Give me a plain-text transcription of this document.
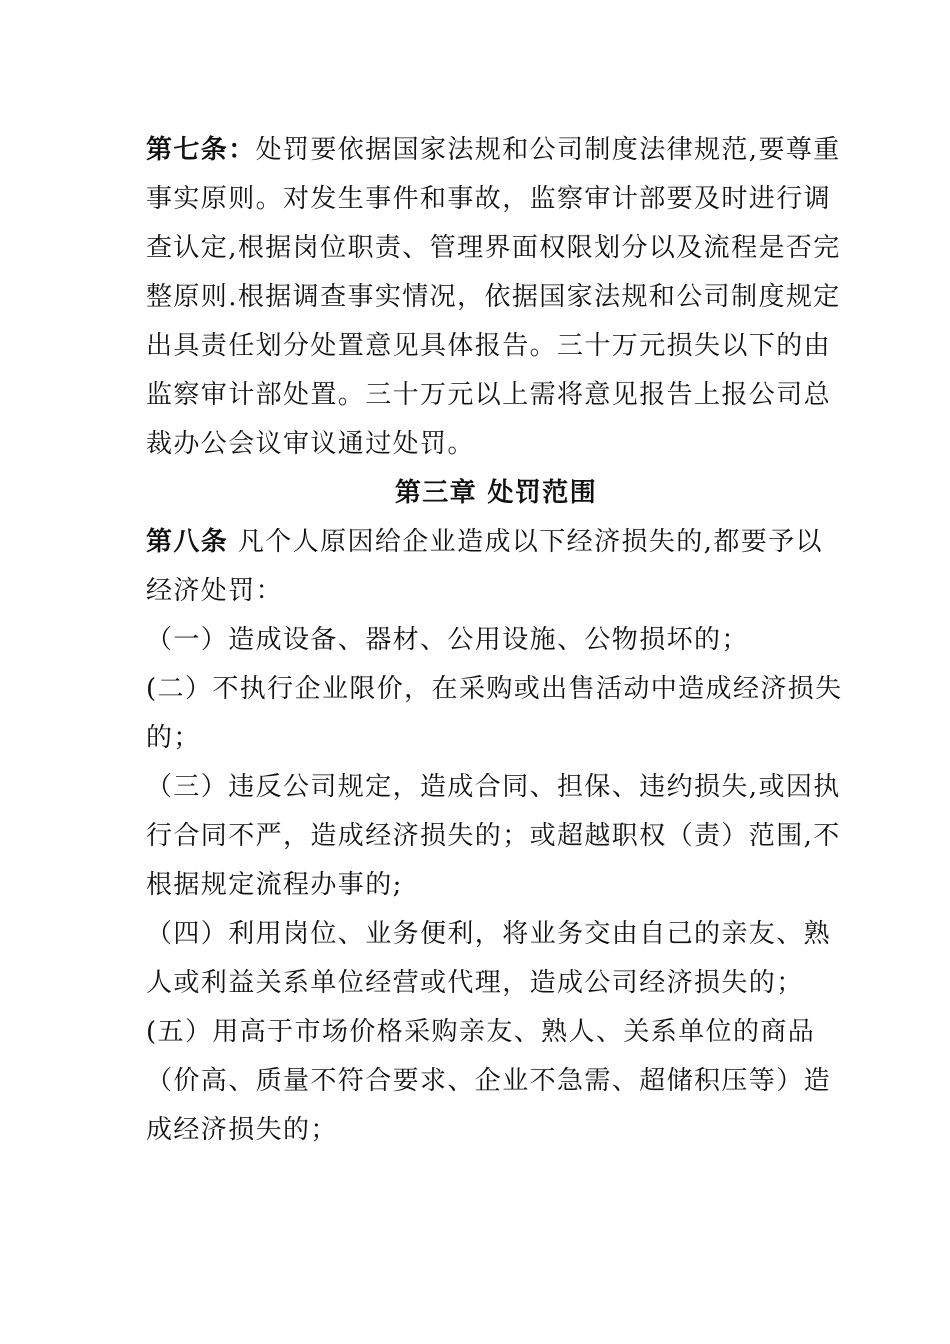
第七条：处罚要依据国家法规和公司制度法律规范,要尊重
事实原则。对发生事件和事故，监察审计部要及时进行调
查认定,根据岗位职责、管理界面权限划分以及流程是否完
整原则.根据调查事实情况，依据国家法规和公司制度规定
出具责任划分处置意见具体报告。三十万元损失以下的由
监察审计部处置。三十万元以上需将意见报告上报公司总
裁办公会议审议通过处罚。
第三章 处罚范围
第八条 凡个人原因给企业造成以下经济损失的,都要予以
经济处罚：
（一）造成设备、器材、公用设施、公物损坏的；
(二）不执行企业限价，在采购或出售活动中造成经济损失
的；
（三）违反公司规定，造成合同、担保、违约损失,或因执
行合同不严，造成经济损失的；或超越职权（责）范围,不
根据规定流程办事的;
（四）利用岗位、业务便利，将业务交由自己的亲友、熟
人或利益关系单位经营或代理，造成公司经济损失的；
(五）用高于市场价格采购亲友、熟人、关系单位的商品
（价高、质量不符合要求、企业不急需、超储积压等）造
成经济损失的；
